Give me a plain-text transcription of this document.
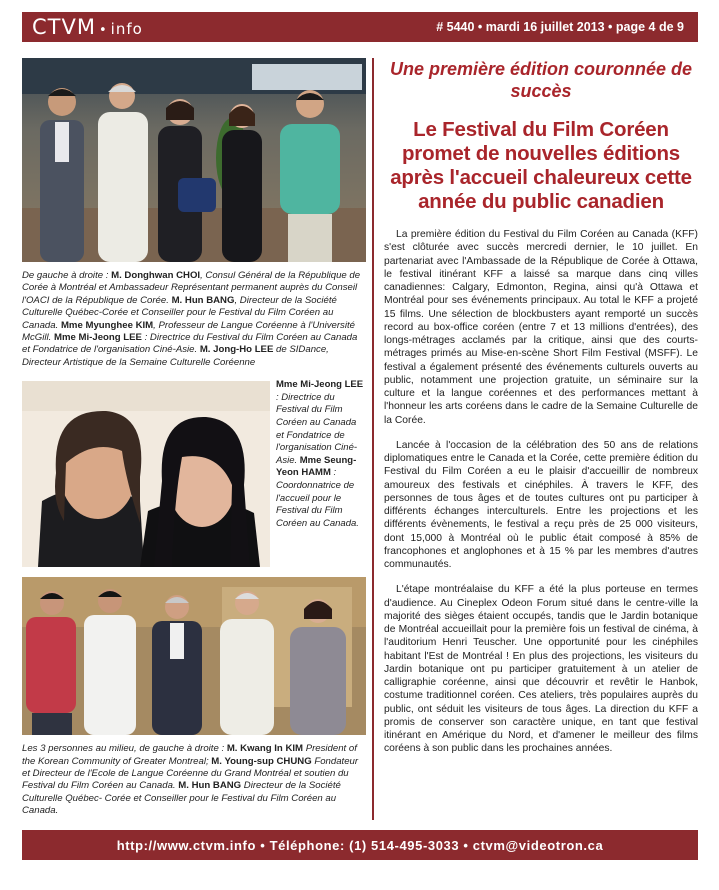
CTVM • info	# 5440 • mardi 16 juillet 2013 • page 4 de 9

De gauche à droite : M. Donghwan CHOI, Consul Général de la République de Corée à Montréal et Ambassadeur Représentant permanent auprès du Conseil l'OACI de la République de Corée. M. Hun BANG, Directeur de la Société Culturelle Québec-Corée et Conseiller pour le Festival du Film Coréen au Canada. Mme Myunghee KIM, Professeur de Langue Coréenne à l'Université McGill. Mme Mi-Jeong LEE : Directrice du Festival du Film Coréen au Canada et Fondatrice de l'organisation Ciné-Asie. M. Jong-Ho LEE de SIDance, Directeur Artistique de la Semaine Culturelle Coréenne

Mme Mi-Jeong LEE : Directrice du Festival du Film Coréen au Canada et Fondatrice de l'organisation Ciné-Asie. Mme Seung-Yeon HAMM : Coordonnatrice de l'accueil pour le Festival du Film Coréen au Canada.

Les 3 personnes au milieu, de gauche à droite : M. Kwang In KIM President of the Korean Community of Greater Montreal; M. Young-sup CHUNG Fondateur et Directeur de l'Ecole de Langue Coréenne du Grand Montréal et soutien du Festival du Film Coréen au Canada. M. Hun BANG Directeur de la Société Culturelle Québec- Corée et Conseiller pour le Festival du Film Coréen au Canada.

Une première édition couronnée de succès
Le Festival du Film Coréen promet de nouvelles éditions après l'accueil chaleureux cette année du public canadien

La première édition du Festival du Film Coréen au Canada (KFF) s'est clôturée avec succès mercredi dernier, le 10 juillet. En partenariat avec l'Ambassade de la République de Corée à Ottawa, le festival itinérant KFF a laissé sa marque dans cinq villes canadiennes: Calgary, Edmonton, Regina, ainsi qu'à Ottawa et Montréal pour ses événements principaux. Au total le KFF a projeté 15 films. Une sélection de blockbusters ayant remporté un succès record au box-office coréen (entre 7 et 13 millions d'entrées), des longs-métrages acclamés par la critique, ainsi que des courts-métrages primés au Mise-en-scène Short Film Festival (MSFF). Le festival a également présenté des événements culturels ouverts au public, notamment une projection gratuite, un séminaire sur la culture et la langue coréennes et des performances mettant à l'honneur les arts coréens dans le cadre de la Semaine Culturelle de la Corée.

Lancée à l'occasion de la célébration des 50 ans de relations diplomatiques entre le Canada et la Corée, cette première édition du Festival du Film Coréen a eu le plaisir d'accueillir de nombreux amoureux des festivals et cinéphiles. À travers le KFF, des personnes de tous âges et de toutes cultures ont pu participer à différents échanges interculturels. Entre les projections et les différents évènements, le festival a reçu près de 25 000 visiteurs, dont 15,000 à Montréal où le public était composé à 85% de francophones et anglophones et à 15 % par les membres d'autres communautés.

L'étape montréalaise du KFF a été la plus porteuse en termes d'audience. Au Cineplex Odeon Forum situé dans le centre-ville la majorité des sièges étaient occupés, tandis que le Jardin botanique de Montréal accueillait pour la première fois un festival de cinéma, à l'auditorium Henri Teuscher. Une opportunité pour les cinéphiles habitant l'Est de Montréal ! En plus des projections, les visiteurs du Jardin botanique ont pu participer gratuitement à un atelier de calligraphie coréenne, ainsi que découvrir et revêtir le Hanbok, costume traditionnel coréen. Ces ateliers, très populaires auprès du public, ont séduit les visiteurs de tous âges. La direction du KFF a promis de conserver son caractère unique, en tant que festival itinérant en Amérique du Nord, et d'amener le meilleur des films coréens à son public dans les prochaines années.

http://www.ctvm.info • Téléphone: (1) 514-495-3033 • ctvm@videotron.ca
